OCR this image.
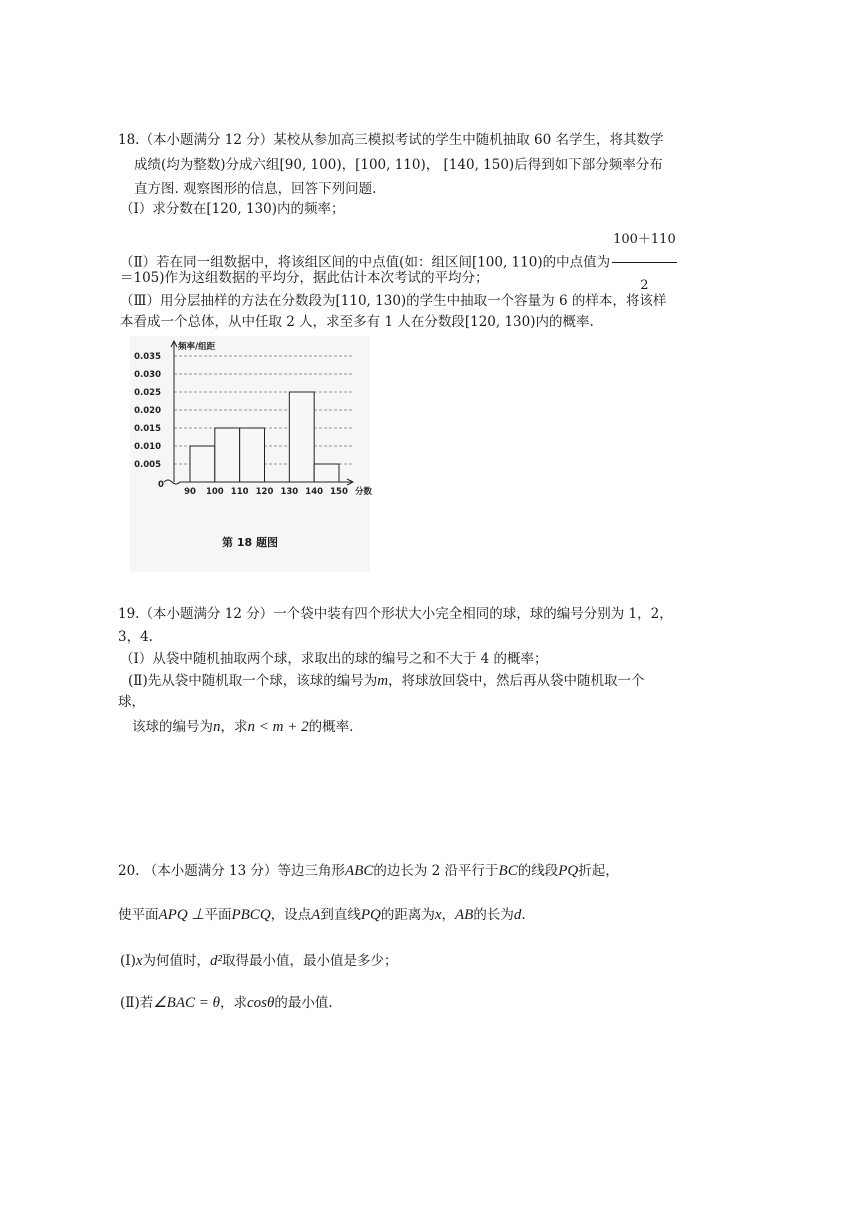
18.（本小题满分 12 分）某校从参加高三模拟考试的学生中随机抽取 60 名学生，将其数学
成绩(均为整数)分成六组[90, 100)，[100, 110)， [140, 150)后得到如下部分频率分布
直方图. 观察图形的信息，回答下列问题.
（Ⅰ）求分数在[120, 130)内的频率；
（Ⅱ）若在同一组数据中，将该组区间的中点值(如：组区间[100, 110)的中点值为 $\frac{100+110}{2}$
＝105)作为这组数据的平均分，据此估计本次考试的平均分；
（Ⅲ）用分层抽样的方法在分数段为[110, 130)的学生中抽取一个容量为 6 的样本，将该样
本看成一个总体，从中任取 2 人，求至多有 1 人在分数段[120, 130)内的概率.
0.035
0.030
0.025
0.020
0.015
0.010
0.005
90 100 110 120 130 140 150
0
频率/组距
分数
第 18 题图
19.（本小题满分 12 分）一个袋中装有四个形状大小完全相同的球，球的编号分别为 1，2，
3，4.
（Ⅰ）从袋中随机抽取两个球，求取出的球的编号之和不大于 4 的概率；
(Ⅱ)先从袋中随机取一个球，该球的编号为m，将球放回袋中，然后再从袋中随机取一个
球，
该球的编号为n，求n < m + 2的概率.
20. （本小题满分 13 分）等边三角形ABC的边长为 2 沿平行于BC的线段PQ折起，
使平面APQ ⊥平面PBCQ，设点A到直线PQ的距离为x，AB的长为d.
(Ⅰ)x为何值时，d²取得最小值，最小值是多少；
(Ⅱ)若∠BAC = θ，求cosθ的最小值.
